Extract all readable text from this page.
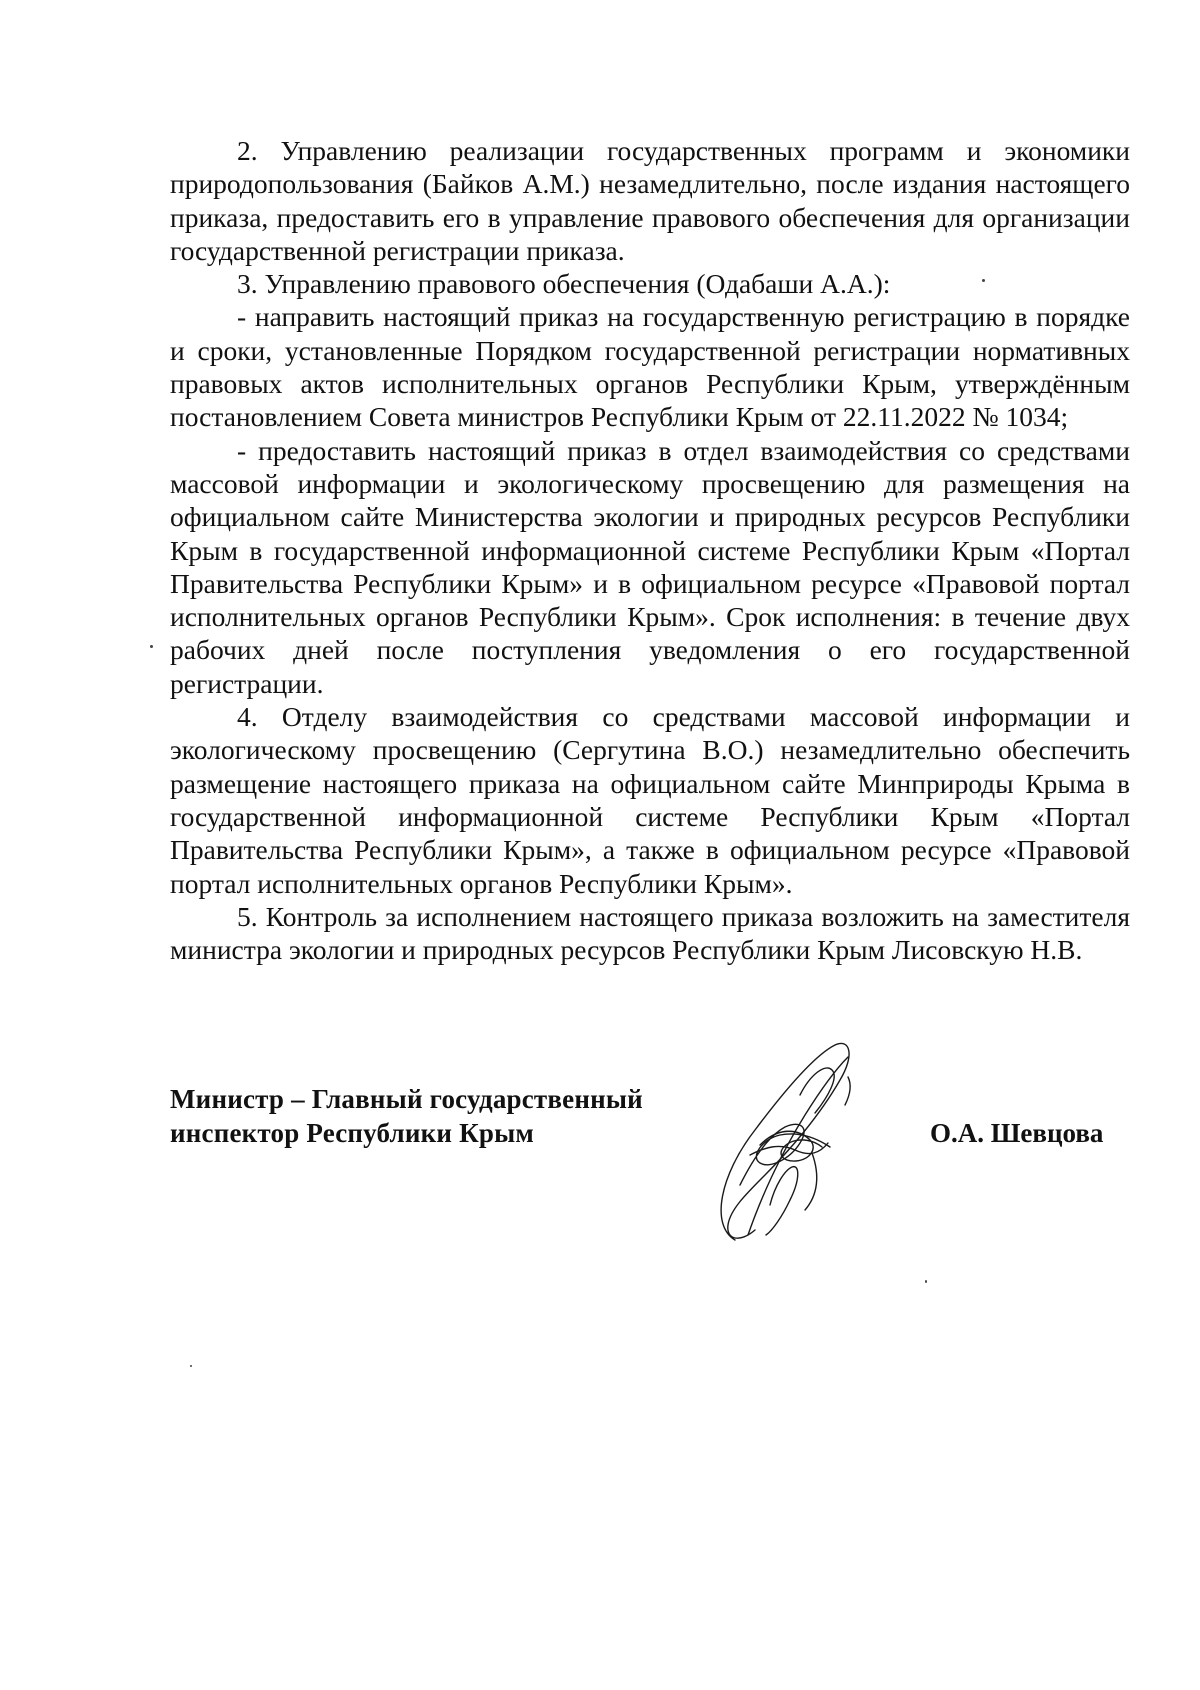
2. Управлению реализации государственных программ и экономики природопользования (Байков А.М.) незамедлительно, после издания настоящего приказа, предоставить его в управление правового обеспечения для организации государственной регистрации приказа.

3. Управлению правового обеспечения (Одабаши А.А.):

- направить настоящий приказ на государственную регистрацию в порядке и сроки, установленные Порядком государственной регистрации нормативных правовых актов исполнительных органов Республики Крым, утверждённым постановлением Совета министров Республики Крым от 22.11.2022 № 1034;

- предоставить настоящий приказ в отдел взаимодействия со средствами массовой информации и экологическому просвещению для размещения на официальном сайте Министерства экологии и природных ресурсов Республики Крым в государственной информационной системе Республики Крым «Портал Правительства Республики Крым» и в официальном ресурсе «Правовой портал исполнительных органов Республики Крым». Срок исполнения: в течение двух рабочих дней после поступления уведомления о его государственной регистрации.

4. Отделу взаимодействия со средствами массовой информации и экологическому просвещению (Сергутина В.О.) незамедлительно обеспечить размещение настоящего приказа на официальном сайте Минприроды Крыма в государственной информационной системе Республики Крым «Портал Правительства Республики Крым», а также в официальном ресурсе «Правовой портал исполнительных органов Республики Крым».

5. Контроль за исполнением настоящего приказа возложить на заместителя министра экологии и природных ресурсов Республики Крым Лисовскую Н.В.

Министр – Главный государственный
инспектор Республики Крым	О.А. Шевцова
